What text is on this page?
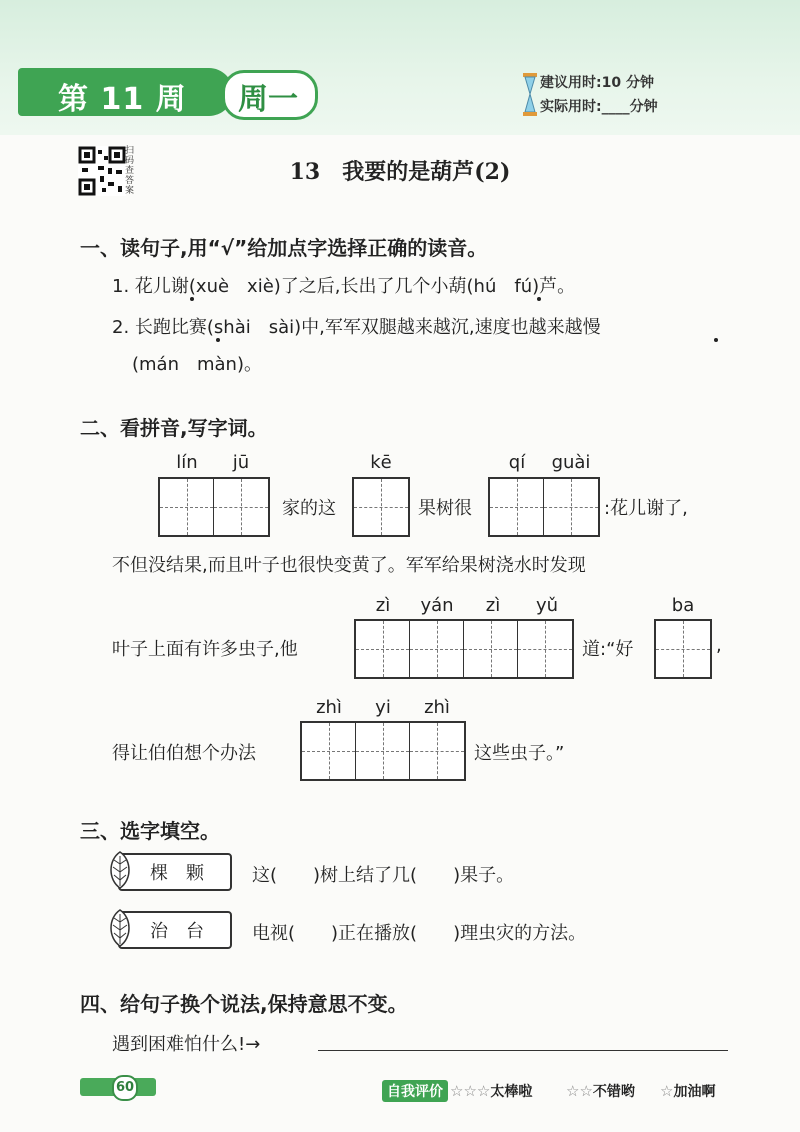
第 11 周 周一	建议用时:10 分钟
实际用时:____分钟
扫码查答案
13　我要的是葫芦(2)
一、读句子,用“√”给加点字选择正确的读音。
1. 花儿谢(xuè　xiè)了之后,长出了几个小葫(hú　fú)芦。
2. 长跑比赛(shài　sài)中,军军双腿越来越沉,速度也越来越慢
(mán　màn)。
二、看拼音,写字词。
lín	jū	kē	qí	guài
家的这	果树很	:花儿谢了,
不但没结果,而且叶子也很快变黄了。军军给果树浇水时发现
zì	yán	zì	yǔ	ba
叶子上面有许多虫子,他	道:“好	,
zhì	yi	zhì
得让伯伯想个办法	这些虫子。”
三、选字填空。
棵　颗	这(　　)树上结了几(　　)果子。
治　台	电视(　　)正在播放(　　)理虫灾的方法。
四、给句子换个说法,保持意思不变。
遇到困难怕什么!→
60	自我评价 ☆☆☆太棒啦 ☆☆不错哟 ☆加油啊
